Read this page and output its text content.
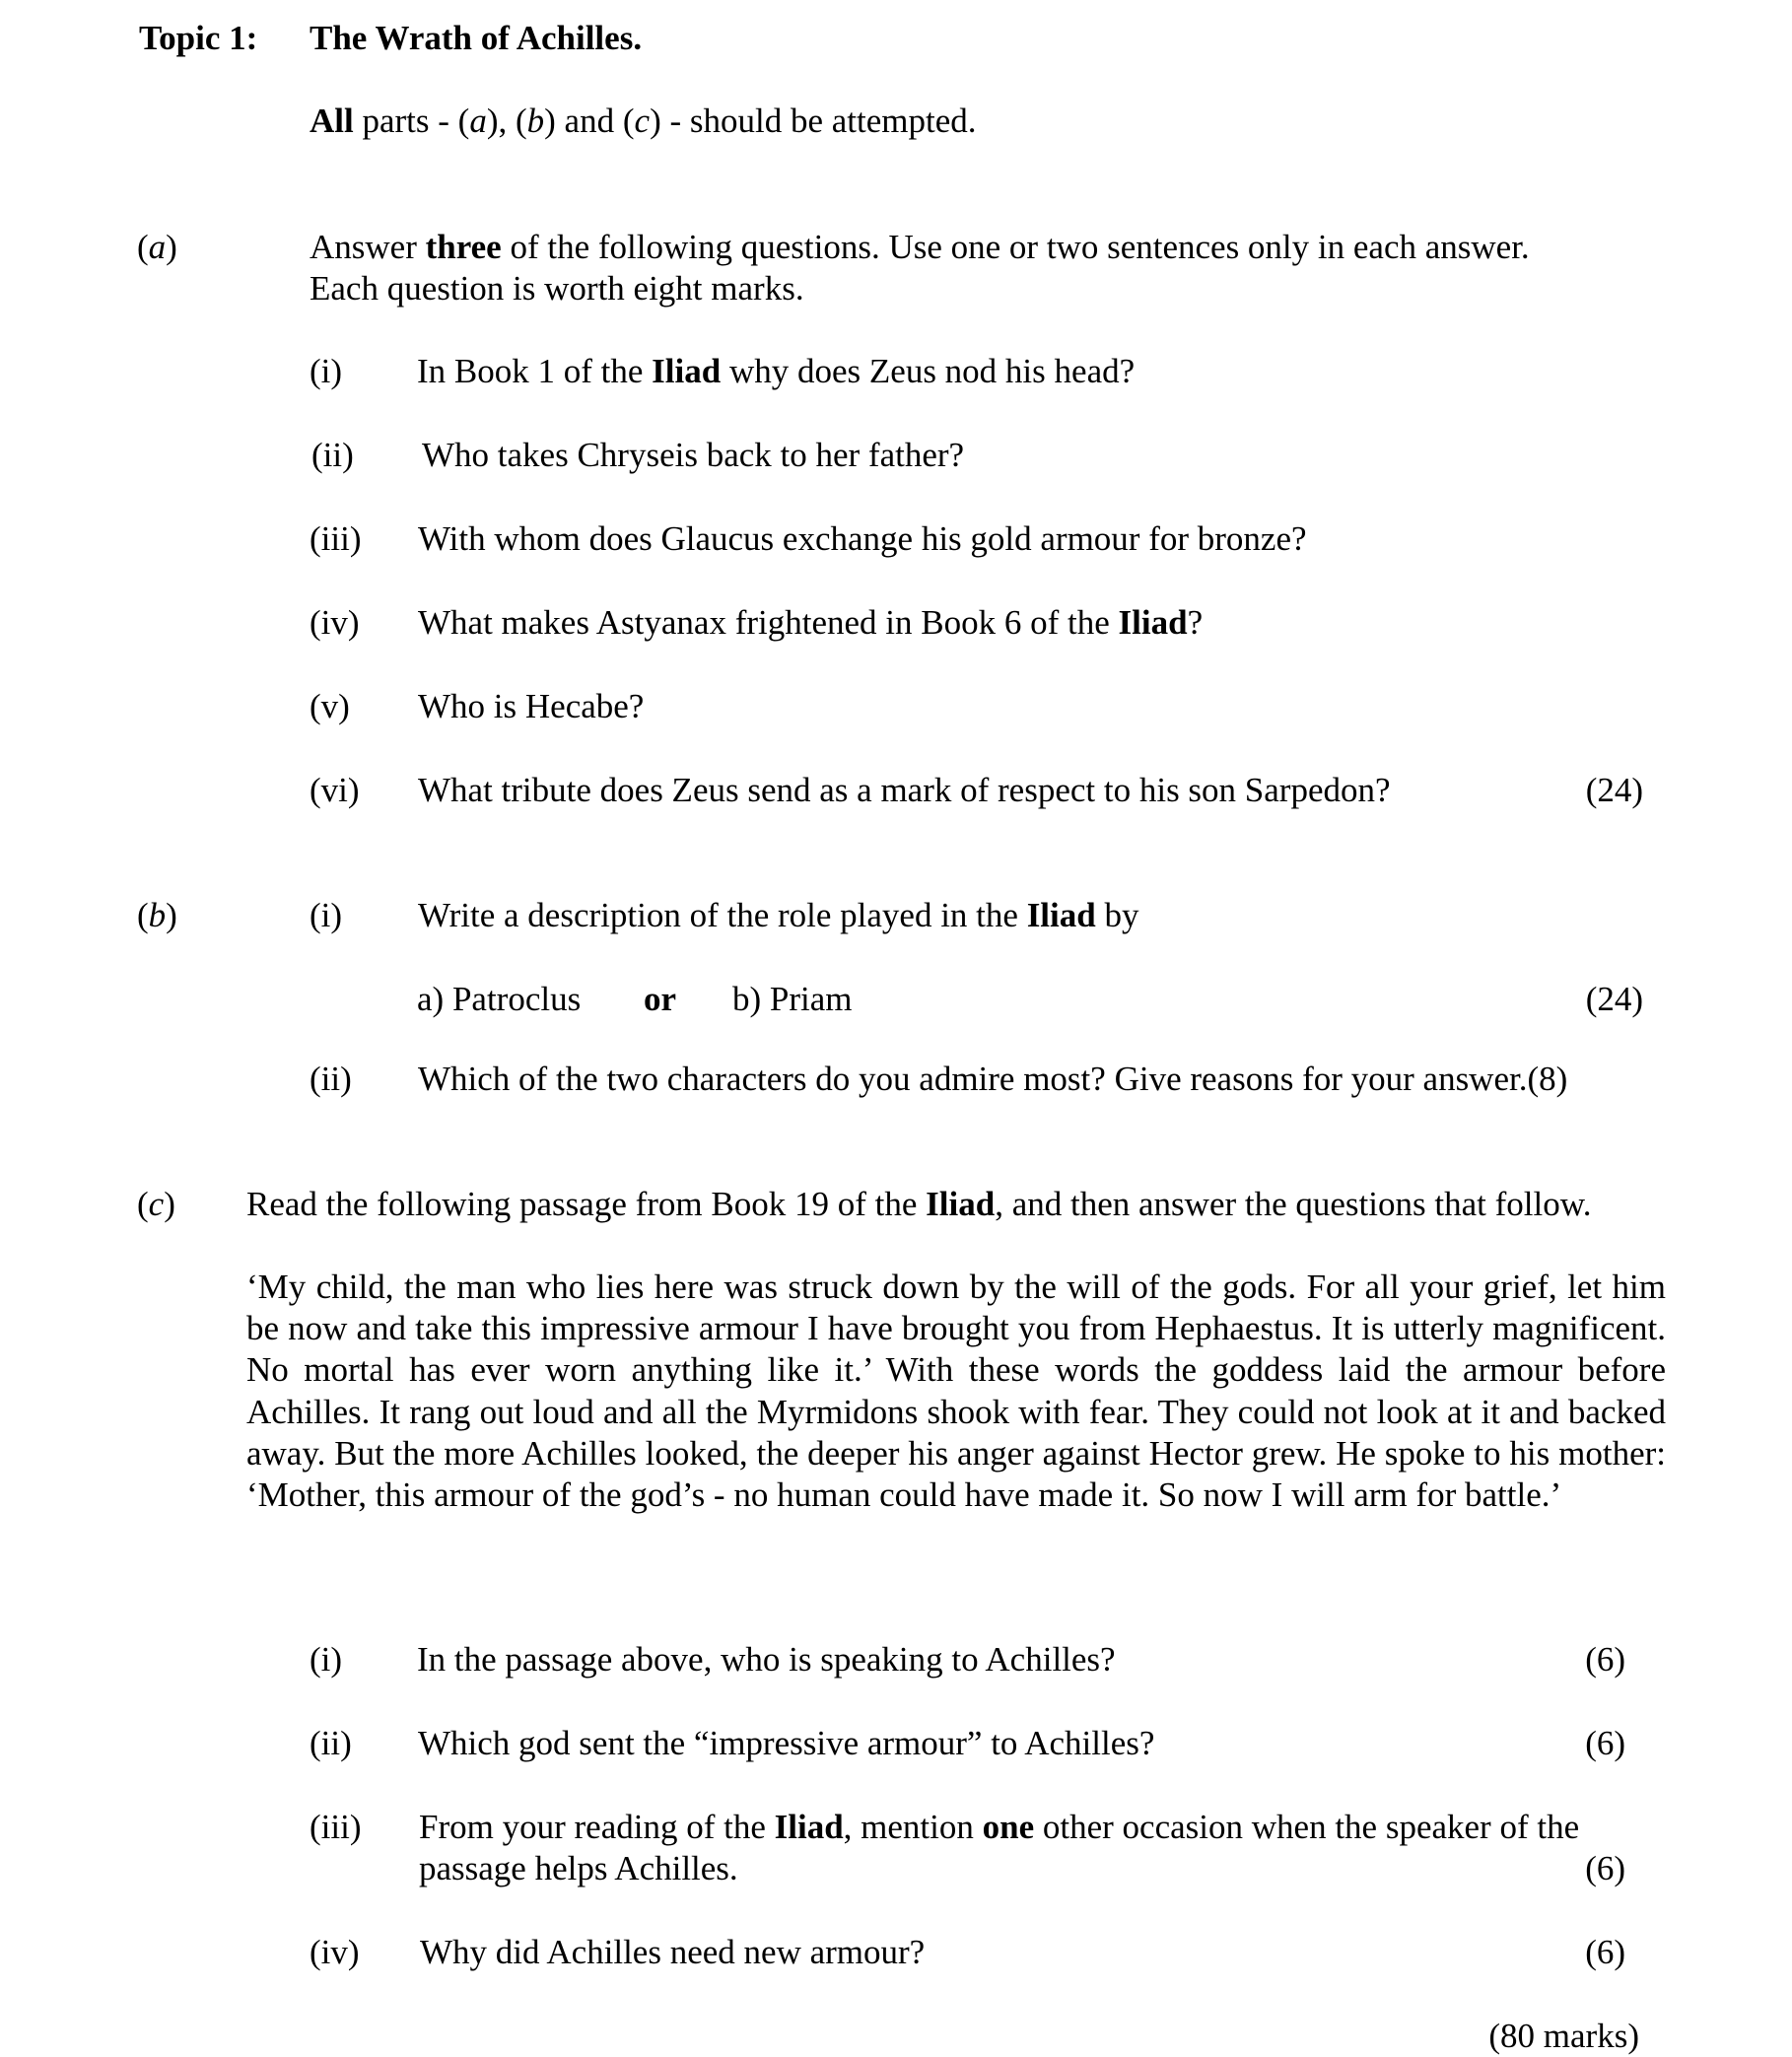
Topic 1: The Wrath of Achilles.
All parts - (a), (b) and (c) - should be attempted.
(a)	Answer three of the following questions. Use one or two sentences only in each answer.
Each question is worth eight marks.
(i) In Book 1 of the Iliad why does Zeus nod his head?
(ii) Who takes Chryseis back to her father?
(iii) With whom does Glaucus exchange his gold armour for bronze?
(iv) What makes Astyanax frightened in Book 6 of the Iliad?
(v) Who is Hecabe?
(vi) What tribute does Zeus send as a mark of respect to his son Sarpedon?	(24)
(b)	(i) Write a description of the role played in the Iliad by
a) Patroclus or b) Priam	(24)
(ii) Which of the two characters do you admire most? Give reasons for your answer.(8)
(c) Read the following passage from Book 19 of the Iliad, and then answer the questions that follow.
‘My child, the man who lies here was struck down by the will of the gods. For all your grief, let him be now and take this impressive armour I have brought you from Hephaestus. It is utterly magnificent. No mortal has ever worn anything like it.’ With these words the goddess laid the armour before Achilles. It rang out loud and all the Myrmidons shook with fear. They could not look at it and backed away. But the more Achilles looked, the deeper his anger against Hector grew. He spoke to his mother: ‘Mother, this armour of the god’s - no human could have made it. So now I will arm for battle.’
(i) In the passage above, who is speaking to Achilles?	(6)
(ii) Which god sent the “impressive armour” to Achilles?	(6)
(iii) From your reading of the Iliad, mention one other occasion when the speaker of the
passage helps Achilles.	(6)
(iv) Why did Achilles need new armour?	(6)
(80 marks)
